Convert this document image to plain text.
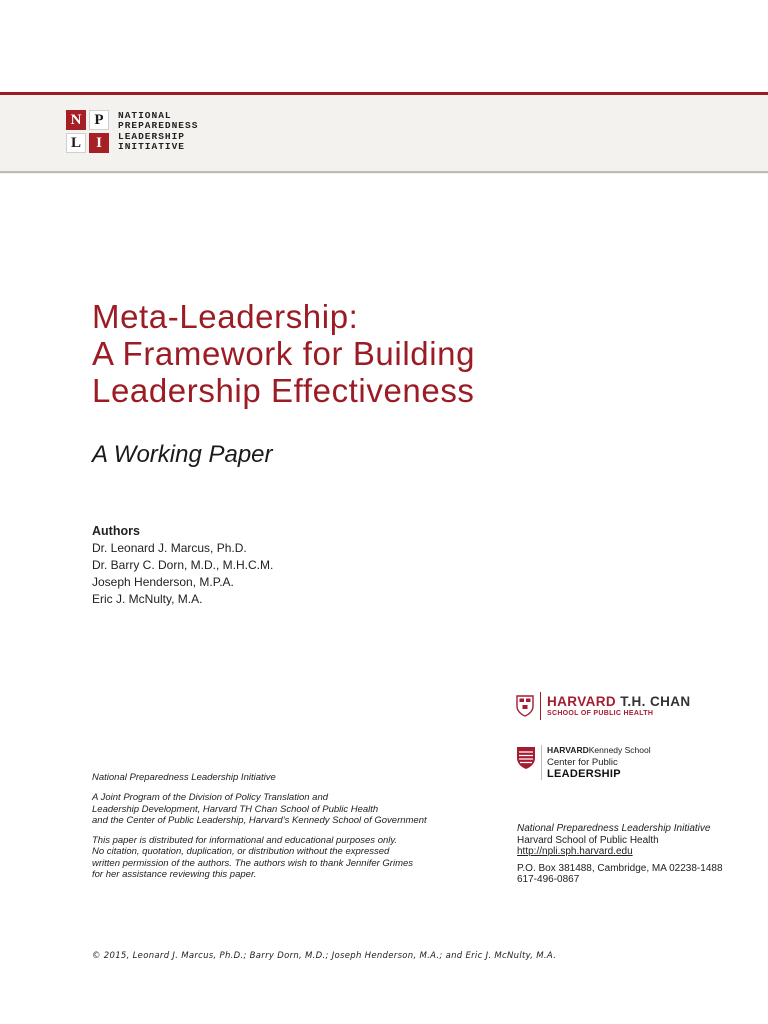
N P
L	I
NATIONAL
PREPAREDNESS
LEADERSHIP
INITIATIVE
Meta-Leadership:
A Framework for Building
Leadership Effectiveness
A Working Paper
Authors
Dr. Leonard J. Marcus, Ph.D.
Dr. Barry C. Dorn, M.D., M.H.C.M.
Joseph Henderson, M.P.A.
Eric J. McNulty, M.A.
HARVARD T.H. CHAN
SCHOOL OF PUBLIC HEALTH
HARVARDKennedy School
Center for Public
LEADERSHIP
National Preparedness Leadership Initiative
A Joint Program of the Division of Policy Translation and
Leadership Development, Harvard TH Chan School of Public Health
and the Center of Public Leadership, Harvard’s Kennedy School of Government
This paper is distributed for informational and educational purposes only.
No citation, quotation, duplication, or distribution without the expressed
written permission of the authors. The authors wish to thank Jennifer Grimes
for her assistance reviewing this paper.
National Preparedness Leadership Initiative
Harvard School of Public Health
http://npli.sph.harvard.edu
P.O. Box 381488, Cambridge, MA 02238-1488
617-496-0867
© 2015, Leonard J. Marcus, Ph.D.; Barry Dorn, M.D.; Joseph Henderson, M.A.; and Eric J. McNulty, M.A.
